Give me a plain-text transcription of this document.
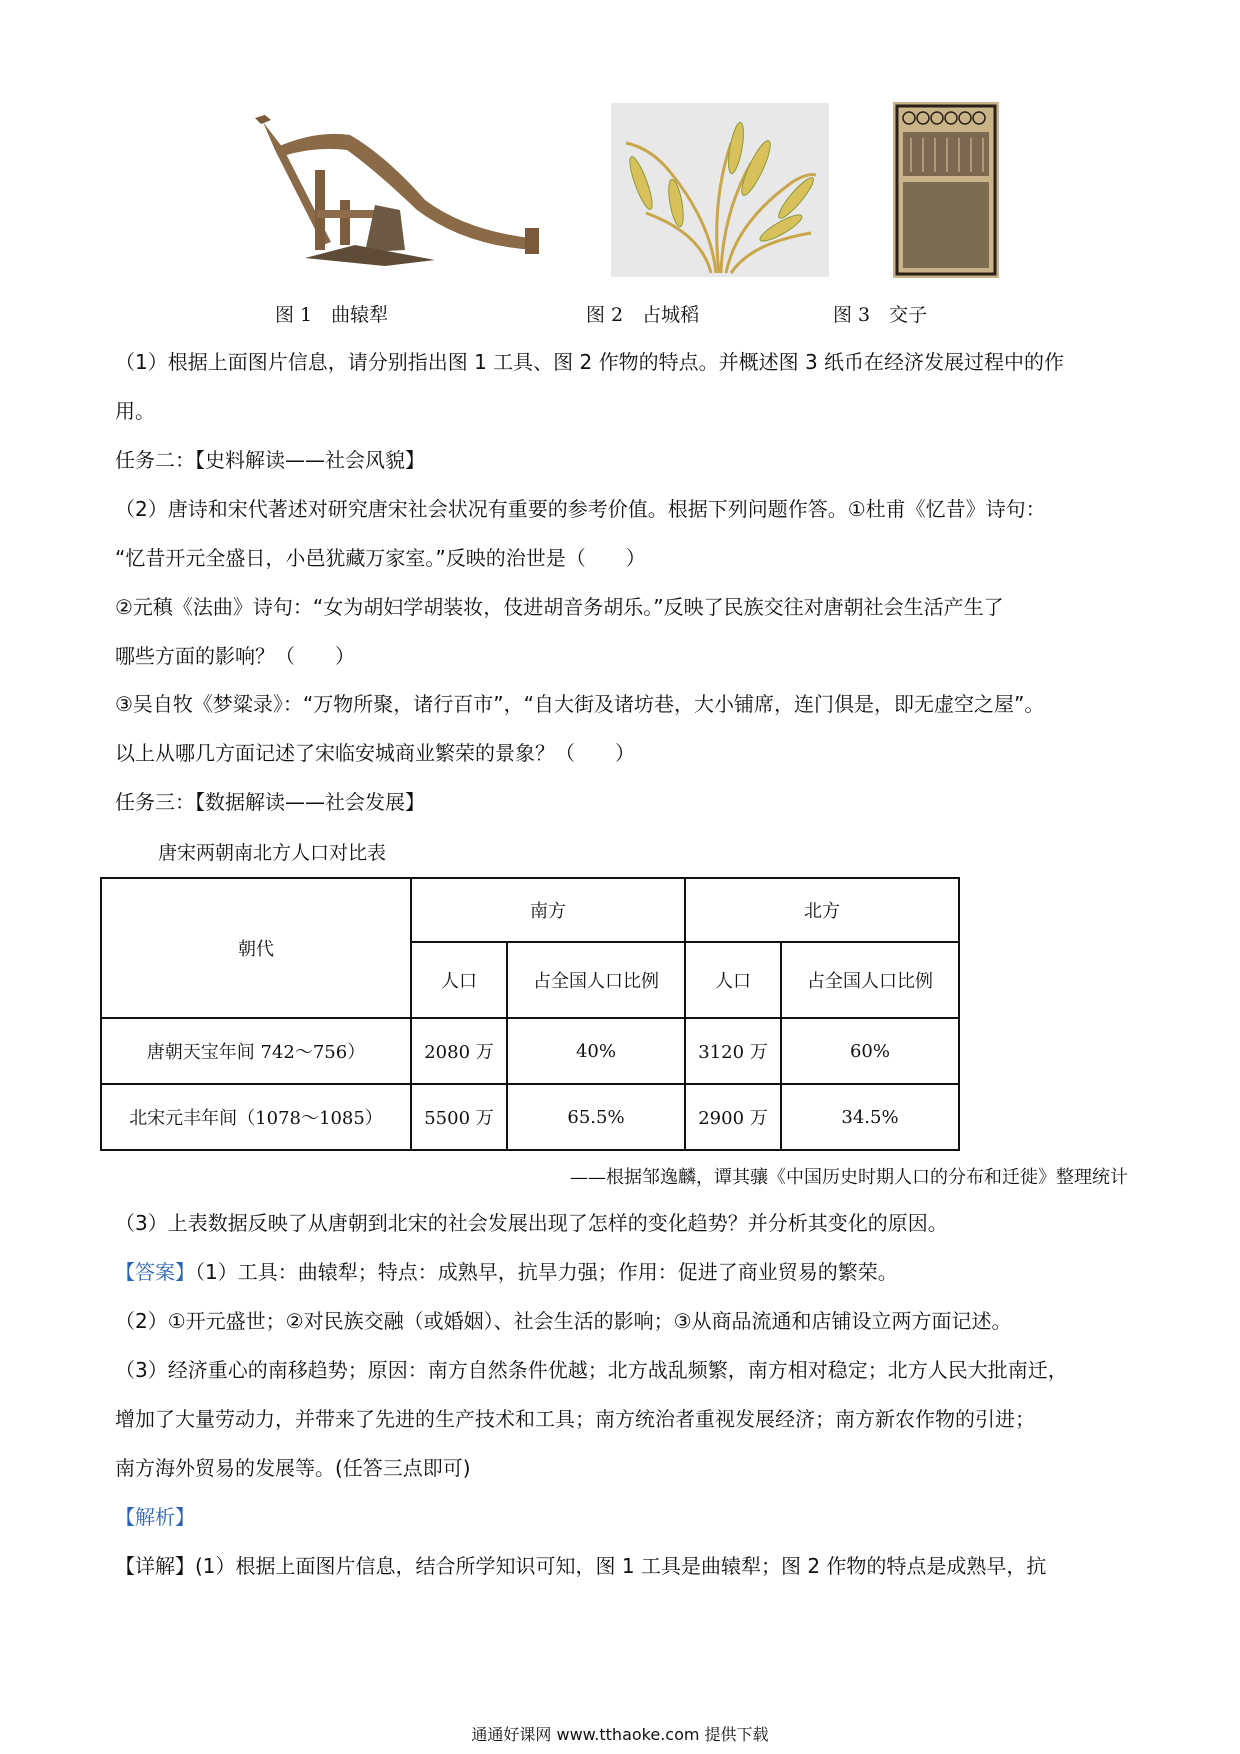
图 1　曲辕犁	图 2　占城稻	图 3　交子
（1）根据上面图片信息，请分别指出图 1 工具、图 2 作物的特点。并概述图 3 纸币在经济发展过程中的作
用。
任务二：【史料解读——社会风貌】
（2）唐诗和宋代著述对研究唐宋社会状况有重要的参考价值。根据下列问题作答。①杜甫《忆昔》诗句：
“忆昔开元全盛日，小邑犹藏万家室。”反映的治世是（　　）
②元稹《法曲》诗句：“女为胡妇学胡装妆，伎进胡音务胡乐。”反映了民族交往对唐朝社会生活产生了
哪些方面的影响？（　　）
③吴自牧《梦粱录》：“万物所聚，诸行百市”，“自大街及诸坊巷，大小铺席，连门俱是，即无虚空之屋”。
以上从哪几方面记述了宋临安城商业繁荣的景象？（　　）
任务三：【数据解读——社会发展】
唐宋两朝南北方人口对比表
朝代	南方		北方	
	人口	占全国人口比例	人口	占全国人口比例
唐朝天宝年间 742～756）	2080 万	40%	3120 万	60%
北宋元丰年间（1078～1085）	5500 万	65.5%	2900 万	34.5%
——根据邹逸麟，谭其骧《中国历史时期人口的分布和迁徙》整理统计
（3）上表数据反映了从唐朝到北宋的社会发展出现了怎样的变化趋势？并分析其变化的原因。
【答案】（1）工具：曲辕犁；特点：成熟早，抗旱力强；作用：促进了商业贸易的繁荣。
（2）①开元盛世；②对民族交融（或婚姻）、社会生活的影响；③从商品流通和店铺设立两方面记述。
（3）经济重心的南移趋势；原因：南方自然条件优越；北方战乱频繁，南方相对稳定；北方人民大批南迁，
增加了大量劳动力，并带来了先进的生产技术和工具；南方统治者重视发展经济；南方新农作物的引进；
南方海外贸易的发展等。(任答三点即可)
【解析】
【详解】(1）根据上面图片信息，结合所学知识可知，图 1 工具是曲辕犁；图 2 作物的特点是成熟早，抗
通通好课网 www.tthaoke.com 提供下载
